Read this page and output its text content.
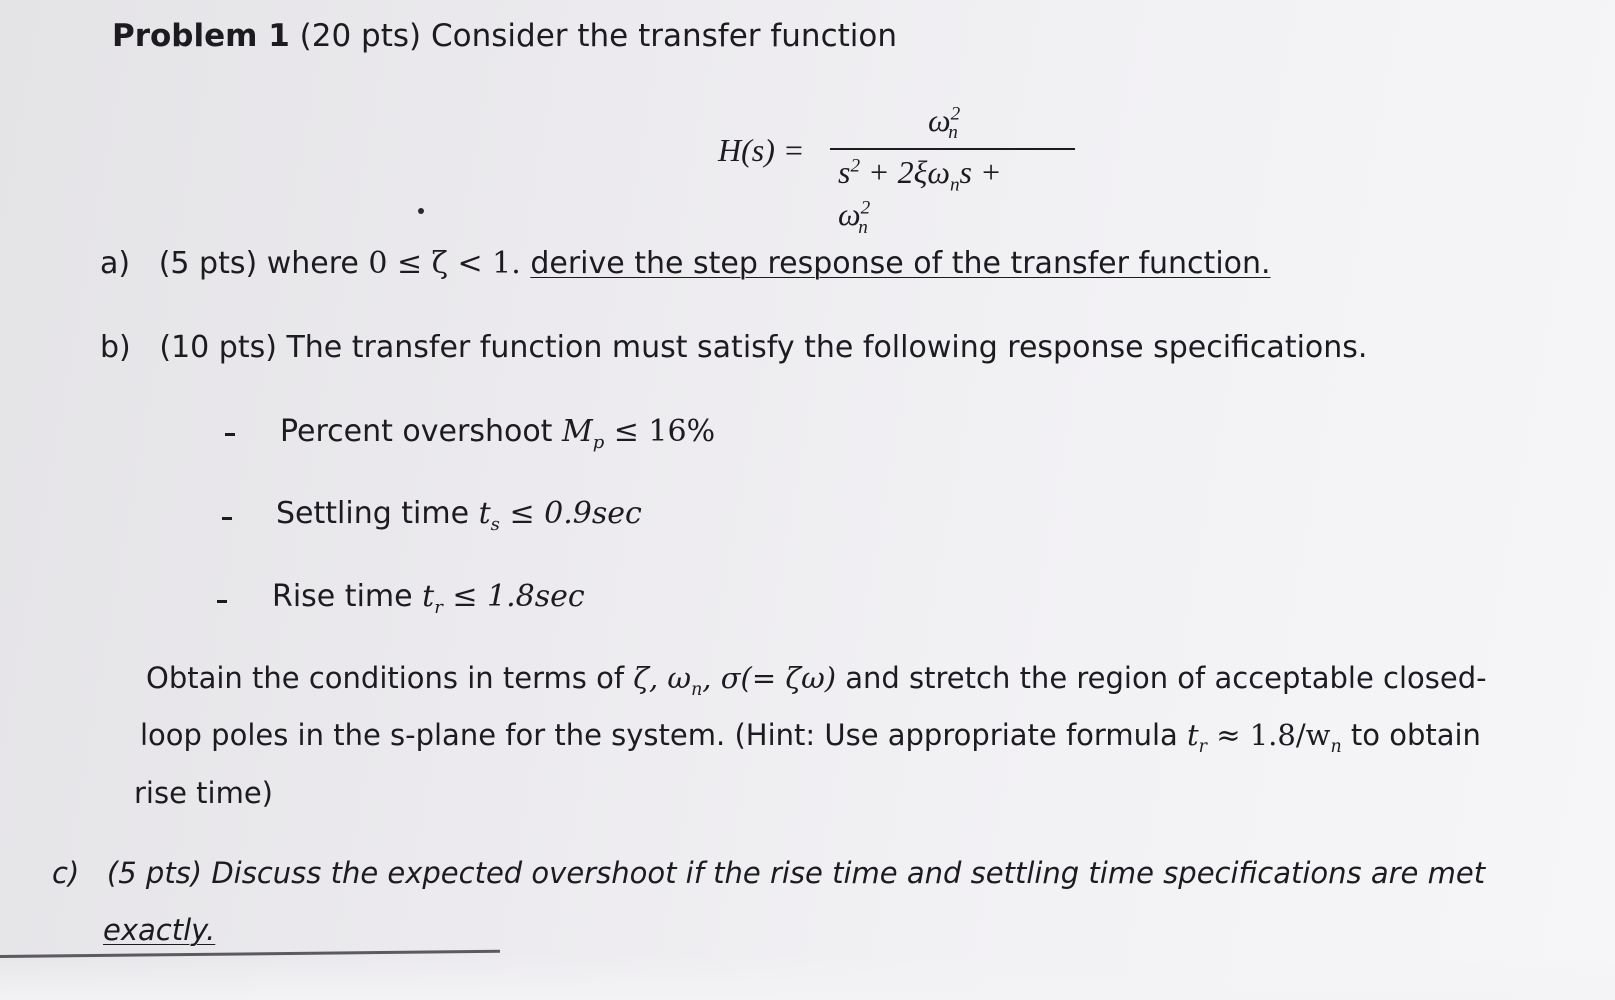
Problem 1 (20 pts) Consider the transfer function
H(s) =
$\omega^2_n$
$s^2 + 2\xi\omega_ns + \omega^2_n$
a) (5 pts) where 0 ≤ ζ < 1. derive the step response of the transfer function.
b) (10 pts) The transfer function must satisfy the following response specifications.
Percent overshoot $M_p \le 16\%$
Settling time $t_s \le 0.9\sec$
Rise time $t_r \le 1.8\sec$
Obtain the conditions in terms of ζ, $\omega_n$, σ(= ζω) and stretch the region of acceptable closed-
loop poles in the s-plane for the system. (Hint: Use appropriate formula $t_r \approx 1.8/w_n$ to obtain
rise time)
c) (5 pts) Discuss the expected overshoot if the rise time and settling time specifications are met
exactly.
